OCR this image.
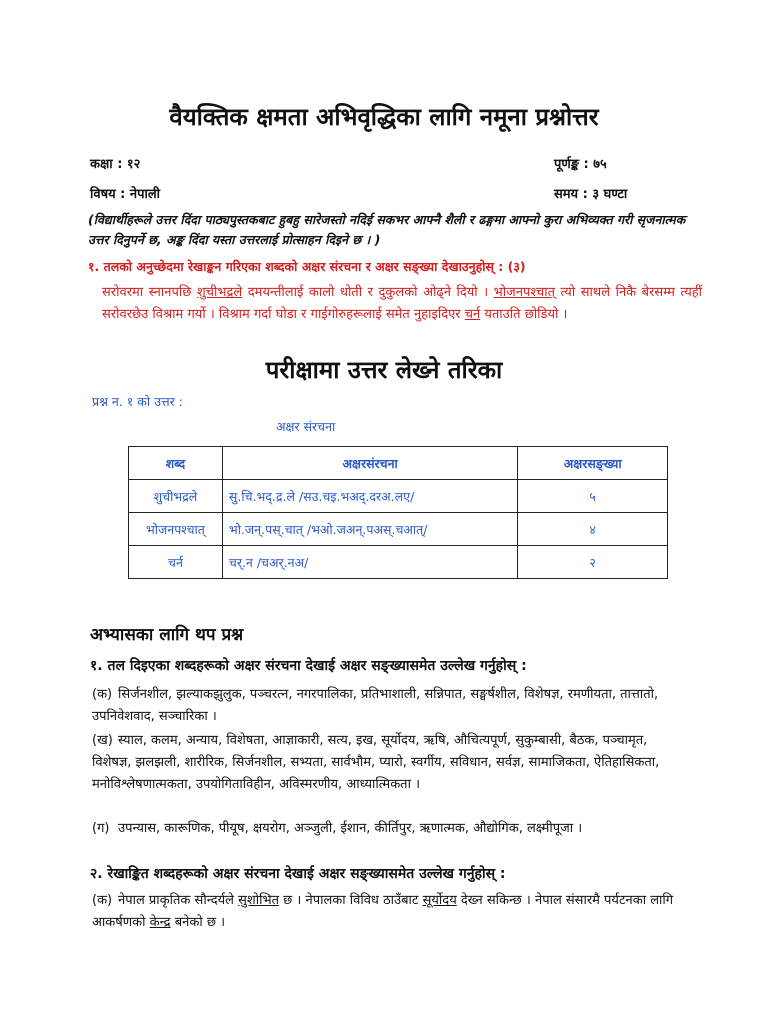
वैयक्तिक क्षमता अभिवृद्धिका लागि नमूना प्रश्नोत्तर
कक्षा : १२	पूर्णङ्क : ७५
विषय : नेपाली	समय : ३ घण्टा
(विद्यार्थीहरूले उत्तर दिंदा पाठ्यपुस्तकबाट हुबहु सारेजस्तो नदिई सकभर आफ्नै शैली र ढङ्गमा आफ्नो कुरा अभिव्यक्त गरी सृजनात्मक उत्तर दिनुपर्ने छ, अङ्क दिंदा यस्ता उत्तरलाई प्रोत्साहन दिइने छ । )
१. तलको अनुच्छेदमा रेखाङ्कन गरिएका शब्दको अक्षर संरचना र अक्षर सङ्ख्या देखाउनुहोस् : (३)
सरोवरमा स्नानपछि शुचीभद्रले दमयन्तीलाई कालो धोती र दुकुलको ओढ्ने दियो । भोजनपश्चात् त्यो साथले निकै बेरसम्म त्यहीं सरोवरछेउ विश्राम गर्यो । विश्राम गर्दा घोडा र गाईगोरुहरूलाई समेत नुहाइदिएर चर्न यताउति छोडियो ।
परीक्षामा उत्तर लेख्ने तरिका
प्रश्न न. १ को उत्तर :
अक्षर संरचना
शब्द	अक्षरसंरचना	अक्षरसङ्ख्या
शुचीभद्रले	सु.चि.भद्.द्र.ले /सउ.चइ.भअद्.दरअ.लए/	५
भोजनपश्चात्	भो.जन्.पस्.चात् /भओ.जअन्.पअस्.चआत्/	४
चर्न	चर्.न /चअर्.नअ/	२
अभ्यासका लागि थप प्रश्न
१. तल दिइएका शब्दहरूको अक्षर संरचना देखाई अक्षर सङ्ख्यासमेत उल्लेख गर्नुहोस् :
(क) सिर्जनशील, झल्याकझुलुक, पञ्चरत्न, नगरपालिका, प्रतिभाशाली, सन्निपात, सङ्घर्षशील, विशेषज्ञ, रमणीयता, तात्तातो, उपनिवेशवाद, सञ्चारिका ।
(ख) स्याल, कलम, अन्याय, विशेषता, आज्ञाकारी, सत्य, इख, सूर्योदय, ऋषि, औचित्यपूर्ण, सुकुम्बासी, बैठक, पञ्चामृत, विशेषज्ञ, झलझली, शारीरिक, सिर्जनशील, सभ्यता, सार्वभौम, प्यारो, स्वर्गीय, सविधान, सर्वज्ञ, सामाजिकता, ऐतिहासिकता, मनोविश्लेषणात्मकता, उपयोगिताविहीन, अविस्मरणीय, आध्यात्मिकता ।
(ग) उपन्यास, कारूणिक, पीयूष, क्षयरोग, अञ्जुली, ईशान, कीर्तिपुर, ऋणात्मक, औद्योगिक, लक्ष्मीपूजा ।
२. रेखाङ्कित शब्दहरूको अक्षर संरचना देखाई अक्षर सङ्ख्यासमेत उल्लेख गर्नुहोस् :
(क) नेपाल प्राकृतिक सौन्दर्यले सुशोभित छ । नेपालका विविध ठाउँबाट सूर्योदय देख्न सकिन्छ । नेपाल संसारमै पर्यटनका लागि आकर्षणको केन्द्र बनेको छ ।
